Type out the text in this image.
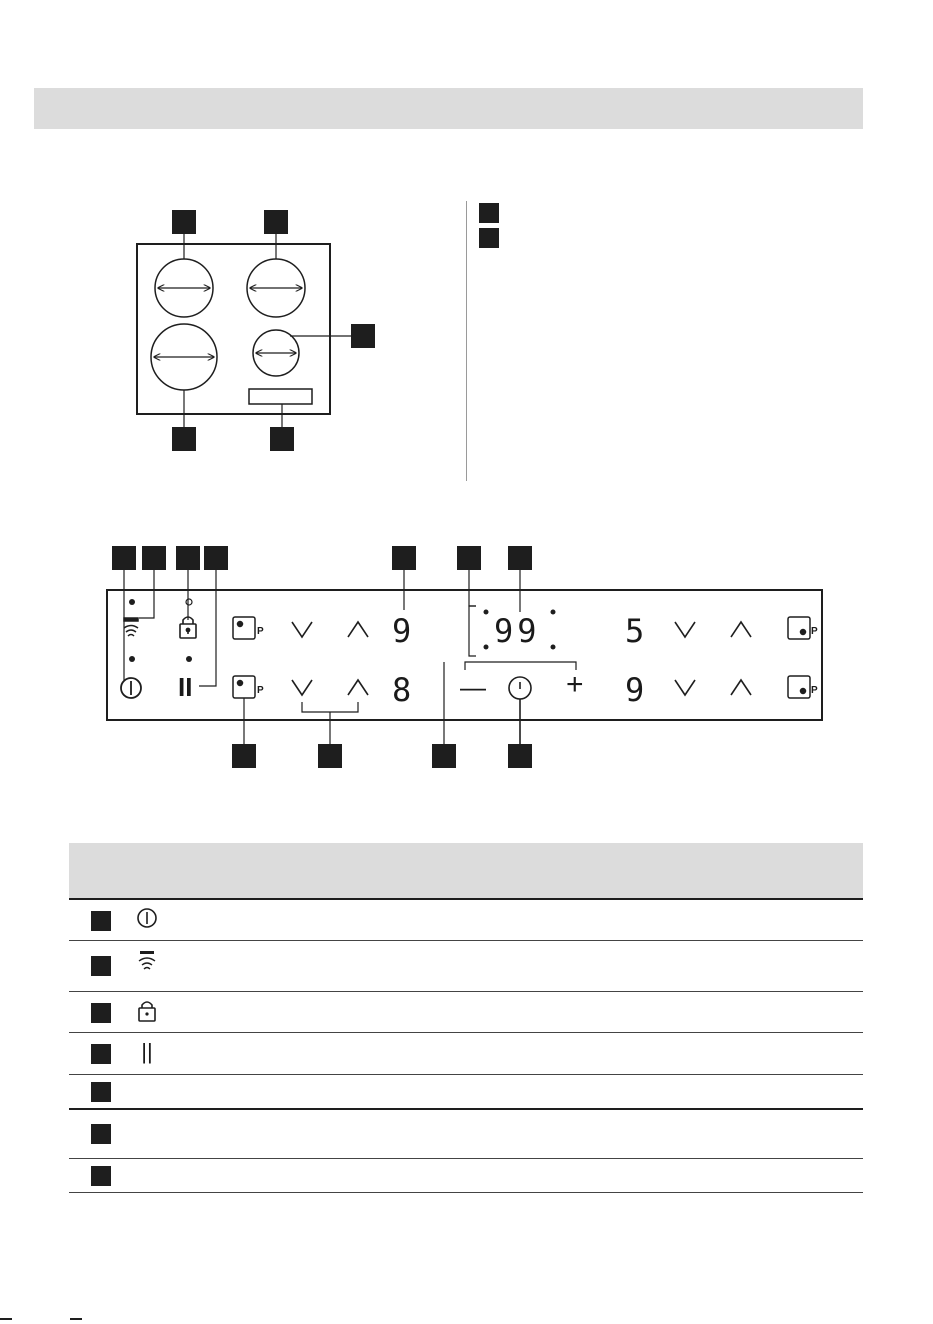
9
8
99	5
9
—	+
II
P
P
P
P
||
